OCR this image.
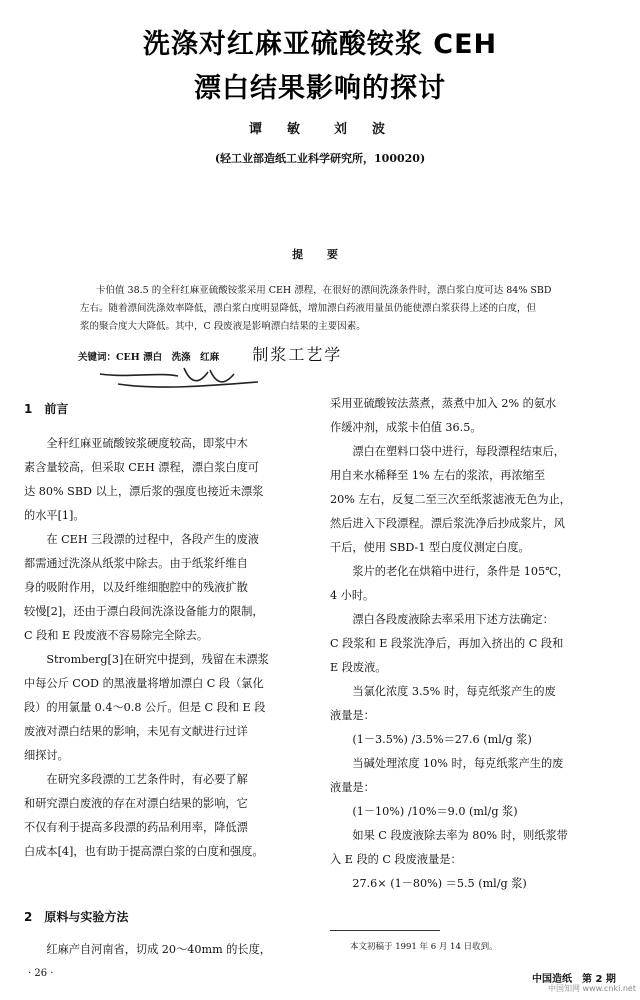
洗涤对红麻亚硫酸铵浆 CEH
漂白结果影响的探讨
谭　敏 刘　波
(轻工业部造纸工业科学研究所，100020)
提 要
卡伯值 38.5 的全秆红麻亚硫酸铵浆采用 CEH 漂程，在很好的漂间洗涤条件时，漂白浆白度可达 84% SBD
左右。随着漂间洗涤效率降低，漂白浆白度明显降低，增加漂白药液用量虽仍能使漂白浆获得上述的白度，但
浆的聚合度大大降低。其中，C 段废液是影响漂白结果的主要因素。
关键词：CEH 漂白　洗涤　红麻 制浆工艺学
1　前言
　　全秆红麻亚硫酸铵浆硬度较高，即浆中木
素含量较高，但采取 CEH 漂程，漂白浆白度可
达 80% SBD 以上，漂后浆的强度也接近未漂浆
的水平[1]。
　　在 CEH 三段漂的过程中，各段产生的废液
都需通过洗涤从纸浆中除去。由于纸浆纤维自
身的吸附作用，以及纤维细胞腔中的残液扩散
较慢[2]，还由于漂白段间洗涤设备能力的限制，
C 段和 E 段废液不容易除完全除去。
　　Stromberg[3]在研究中提到，残留在未漂浆
中每公斤 COD 的黑液量将增加漂白 C 段（氯化
段）的用氯量 0.4～0.8 公斤。但是 C 段和 E 段
废液对漂白结果的影响，未见有文献进行过详
细探讨。
　　在研究多段漂的工艺条件时，有必要了解
和研究漂白废液的存在对漂白结果的影响，它
不仅有利于提高多段漂的药品利用率，降低漂
白成本[4]，也有助于提高漂白浆的白度和强度。
2　原料与实验方法
　　红麻产自河南省，切成 20～40mm 的长度，
采用亚硫酸铵法蒸煮，蒸煮中加入 2% 的氨水
作缓冲剂，成浆卡伯值 36.5。
　　漂白在塑料口袋中进行，每段漂程结束后，
用自来水稀释至 1% 左右的浆浓，再浓缩至
20% 左右，反复二至三次至纸浆滤液无色为止，
然后进入下段漂程。漂后浆洗净后抄成浆片，风
干后，使用 SBD-1 型白度仪测定白度。
　　浆片的老化在烘箱中进行，条件是 105℃，
4 小时。
　　漂白各段废液除去率采用下述方法确定：
C 段浆和 E 段浆洗净后，再加入挤出的 C 段和
E 段废液。
　　当氯化浓度 3.5% 时，每克纸浆产生的废
液量是：
　　(1－3.5%) /3.5%＝27.6 (ml/g 浆)
　　当碱处理浓度 10% 时，每克纸浆产生的废
液量是：
　　(1－10%) /10%＝9.0 (ml/g 浆)
　　如果 C 段废液除去率为 80% 时，则纸浆带
入 E 段的 C 段废液量是：
　　27.6× (1－80%) ＝5.5 (ml/g 浆)
本文初稿于 1991 年 6 月 14 日收到。
· 26 ·
中国造纸　第 2 期
中国知网 www.cnki.net
